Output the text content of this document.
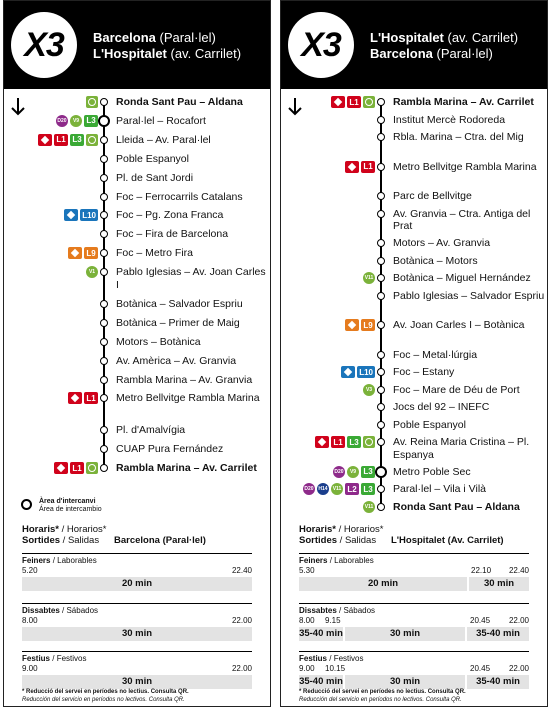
X3	Barcelona (Paral·lel)
L'Hospitalet (av. Carrilet)
Ronda Sant Pau – Aldana
Paral·lel – Rocafort
D20	V9 L3
Lleida – Av. Paral·lel
L1 L3
Poble Espanyol
Pl. de Sant Jordi
Foc – Ferrocarrils Catalans
Foc – Pg. Zona Franca
L10
Foc – Fira de Barcelona
Foc – Metro Fira
L9
Pablo Iglesias – Av. Joan Carles I
V1
Botànica – Salvador Espriu
Botànica – Primer de Maig
Motors – Botànica
Av. Amèrica – Av. Granvia
Rambla Marina – Av. Granvia
Metro Bellvitge Rambla Marina
L1
Pl. d'Amalvígia
CUAP Pura Fernández
Rambla Marina – Av. Carrilet
L1
Àrea d'intercanvi
Área de intercambio
Horaris* / Horarios*
Sortides / Salidas	Barcelona (Paral·lel)
Feiners / Laborables
5.20	22.40
20 min
Dissabtes / Sábados
8.00	22.00
30 min
Festius / Festivos
9.00	22.00
30 min
* Reducció del servei en períodes no lectius. Consulta QR.
Reducción del servicio en períodos no lectivos. Consulta QR.
X3	L'Hospitalet (av. Carrilet)
Barcelona (Paral·lel)
Rambla Marina – Av. Carrilet
L1
Institut Mercè Rodoreda
Rbla. Marina – Ctra. del Mig
Metro Bellvitge Rambla Marina
L1
Parc de Bellvitge
Av. Granvia – Ctra. Antiga del Prat
Motors – Av. Granvia
Botànica – Motors
Botànica – Miguel Hernández
V11
Pablo Iglesias – Salvador Espriu
Av. Joan Carles I – Botànica
L9
Foc – Metal·lúrgia
Foc – Estany
L10
Foc – Mare de Déu de Port
V3
Jocs del 92 – INEFC
Poble Espanyol
Av. Reina Maria Cristina – Pl. Espanya
L1 L3
Metro Poble Sec
D20	V9 L3
Paral·lel – Vila i Vilà
D20 H14	V11 L2 L3
Ronda Sant Pau – Aldana
V11
Horaris* / Horarios*
Sortides / Salidas	L'Hospitalet (Av. Carrilet)
Feiners / Laborables
5.30	22.10 22.40
20 min	30 min
Dissabtes / Sábados
8.00 9.15	20.45 22.00
35-40 min	30 min	35-40 min
Festius / Festivos
9.00 10.15	20.45 22.00
35-40 min	30 min	35-40 min
* Reducció del servei en períodes no lectius. Consulta QR.
Reducción del servicio en períodos no lectivos. Consulta QR.
